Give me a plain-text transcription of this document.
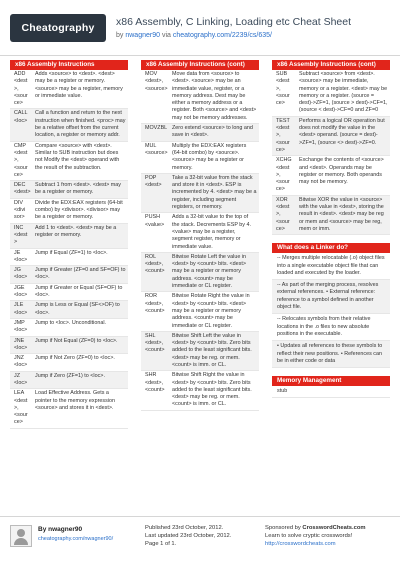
Cheatography	x86 Assembly, C Linking, Loading etc Cheat Sheet
by nwagner90 via cheatography.com/2239/cs/635/
x86 Assembly Instructions
ADD
<dest
>,
<sour
ce>
Adds <source> to <dest>. <dest> may be a register or memory. <source> may be a register, memory or immediate value.
CALL
<loc>
Call a function and return to the next instruction when finished. <proc> may be a relative offset from the current location, a register or memory addr.
CMP
<dest
>,
<sour
ce>
Compare <source> with <dest>. Similar to SUB instruction but does not Modify the <dest> operand with the result of the subtraction.
DEC
<dest>
Subtract 1 from <dest>. <dest> may be a register or memory.
DIV
<divi
sor>
Divide the EDX:EAX registers (64-bit combo) by <divisor>. <divisor> may be a register or memory.
INC
<dest
>
Add 1 to <dest>. <dest> may be a register or memory.
JE
<loc>
Jump if Equal (ZF=1) to <loc>.
JG
<loc>
Jump if Greater (ZF=0 and SF=OF) to <loc>.
JGE
<loc>
Jump if Greater or Equal (SF=OF) to <loc>.
JLE
<loc>
Jump is Less or Equal (SF<>OF) to <loc>.
JMP
<loc>
Jump to <loc>. Unconditional.
JNE
<loc>
Jump if Not Equal (ZF=0) to <loc>.
JNZ
<loc>
Jump if Not Zero (ZF=0) to <loc>.
JZ
<loc>
Jump if Zero (ZF=1) to <loc>.
LEA
<dest
>,
<sour
ce>
Load Effective Address. Gets a pointer to the memory expression <source> and stores it in <dest>.
x86 Assembly Instructions (cont)
MOV
<dest>,
<source>
Move data from <source> to <dest>. <source> may be an immediate value, register, or a memory address. Dest may be either a memory address or a register. Both <source> and <dest> may not be memory addresses.
MOVZBL Zero extend <source> to long and save in <dest>.
MUL
<source>
Multiply the EDX:EAX registers (64-bit combo) by <source>. <source> may be a register or memory.
POP
<dest>
Take a 32-bit value from the stack and store it in <dest>. ESP is incremented by 4. <dest> may be a register, including segment registers, or memory.
PUSH
<value>
Adds a 32-bit value to the top of the stack. Decrements ESP by 4. <value> may be a register, segment register, memory or immediate value.
ROL
<dest>,
<count>
Bitwise Rotate Left the value in <dest> by <count> bits. <dest> may be a register or memory address. <count> may be immediate or CL register.
ROR
<dest>,
<count>
Bitwise Rotate Right the value in <dest> by <count> bits. <dest> may be a register or memory address. <count> may be immediate or CL register.
SHL
<dest>,
<count>
Bitwise Shift Left the value in <dest> by <count> bits. Zero bits added to the least significant bits. <dest> may be reg. or mem. <count> is imm. or CL.
SHR
<dest>,
<count>
Bitwise Shift Right the value in <dest> by <count> bits. Zero bits added to the least significant bits. <dest> may be reg. or mem. <count> is imm. or CL.
x86 Assembly Instructions (cont)
SUB
<dest
>,
<sour
ce>
Subtract <source> from <dest>. <source> may be immediate, memory or a register. <dest> may be memory or a register. (source = dest)->ZF=1, (source > dest)->CF=1, (source < dest)->CF=0 and ZF=0
TEST
<dest
>,
<sour
ce>
Performs a logical OR operation but does not modify the value in the <dest> operand. (source = dest)->ZF=1, (source <> dest)->ZF=0.
XCHG
<dest
>,
<sour
ce>
Exchange the contents of <source> and <dest>. Operands may be register or memory. Both operands may not be memory.
XOR
<dest
>,
<sour
ce>
Bitwise XOR the value in <source> with the value in <dest>, storing the result in <dest>. <dest> may be reg or mem and <source> may be reg, mem or imm.
What does a Linker do?
-- Merges multiple relocatable (.o) object files into a single executable object file that can loaded and executed by the loader.
-- As part of the merging process, resolves external references. • External reference: reference to a symbol defined in another object file.
-- Relocates symbols from their relative locations in the .o files to new absolute positions in the executable.
• Updates all references to these symbols to reflect their new positions. • References can be in either code or data
Memory Management
stub
By nwagner90
cheatography.com/nwagner90/
Published 23rd October, 2012.
Last updated 23rd October, 2012.
Page 1 of 1.
Sponsored by CrosswordCheats.com
Learn to solve cryptic crosswords!
http://crosswordcheats.com
